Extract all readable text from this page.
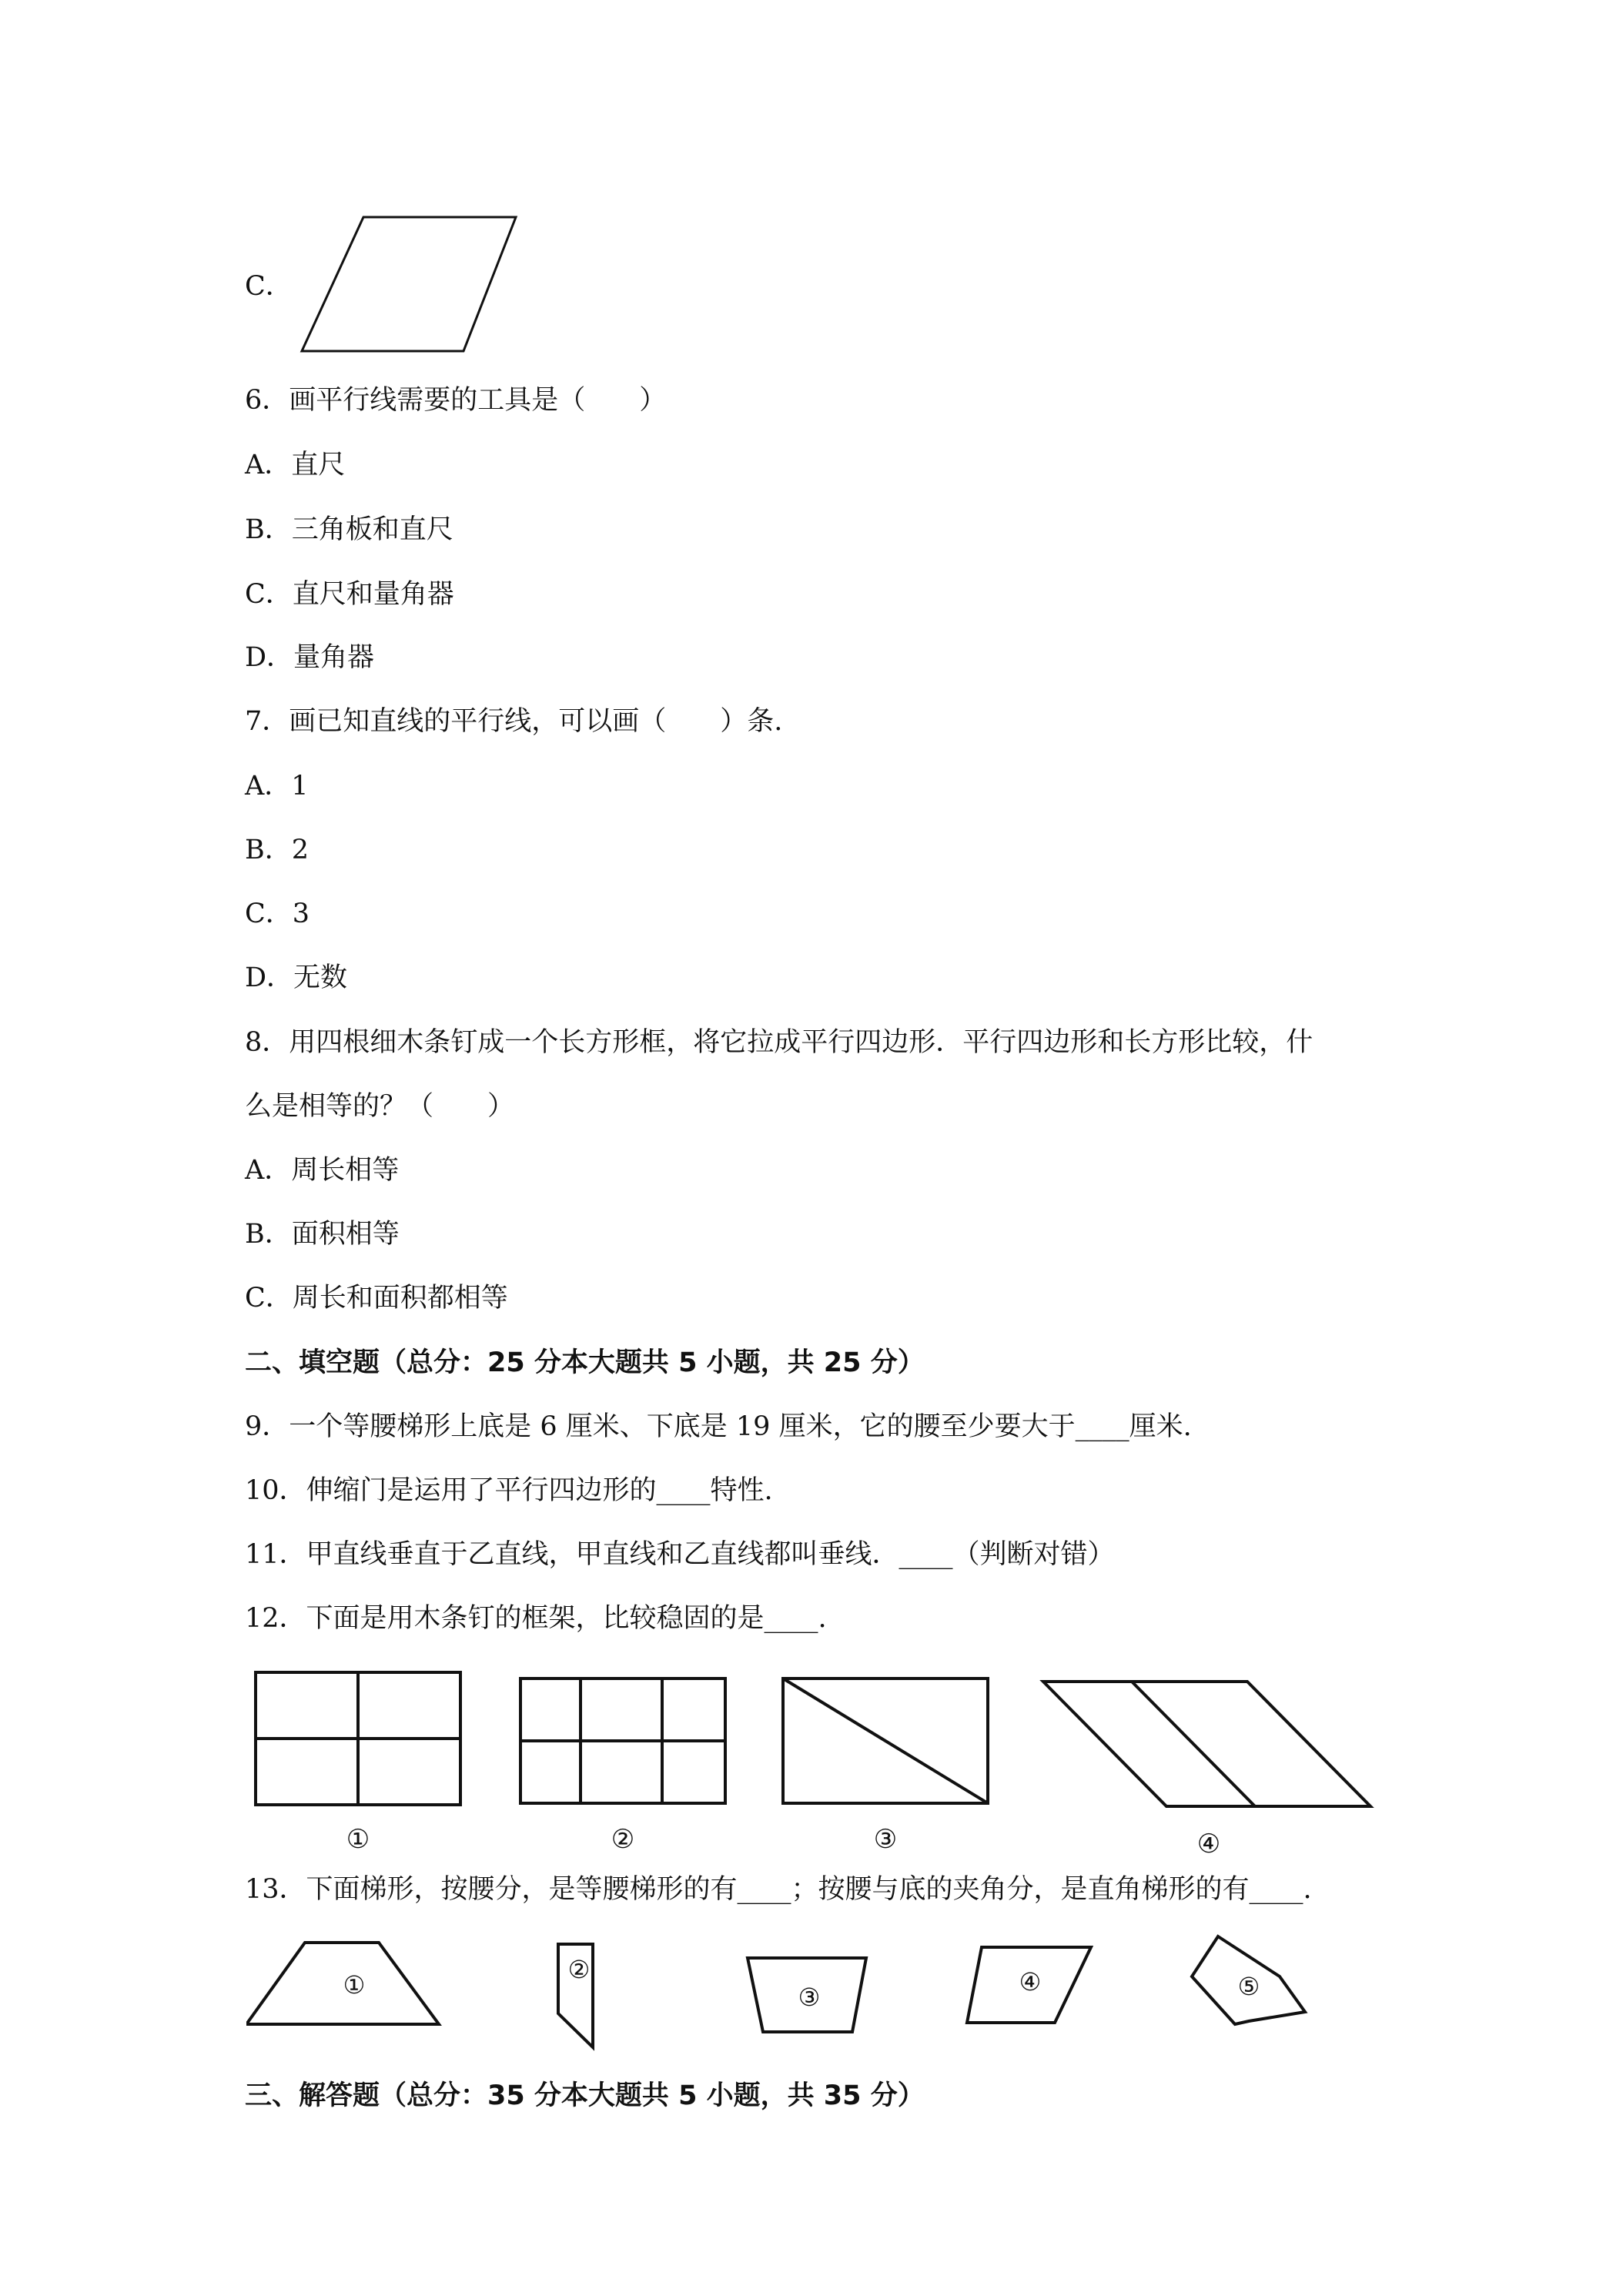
C．
6．画平行线需要的工具是（　　）
A．直尺
B．三角板和直尺
C．直尺和量角器
D．量角器
7．画已知直线的平行线，可以画（　　）条.
A．1
B．2
C．3
D．无数
8．用四根细木条钉成一个长方形框，将它拉成平行四边形．平行四边形和长方形比较，什
么是相等的？（　　）
A．周长相等
B．面积相等
C．周长和面积都相等
二、填空题（总分：25 分本大题共 5 小题，共 25 分）
9．一个等腰梯形上底是 6 厘米、下底是 19 厘米，它的腰至少要大于____厘米.
10．伸缩门是运用了平行四边形的____特性.
11．甲直线垂直于乙直线，甲直线和乙直线都叫垂线．____（判断对错）
12．下面是用木条钉的框架，比较稳固的是____.
①	②	③	④
13．下面梯形，按腰分，是等腰梯形的有____；按腰与底的夹角分，是直角梯形的有____.
①
②
③
④	⑤
三、解答题（总分：35 分本大题共 5 小题，共 35 分）
